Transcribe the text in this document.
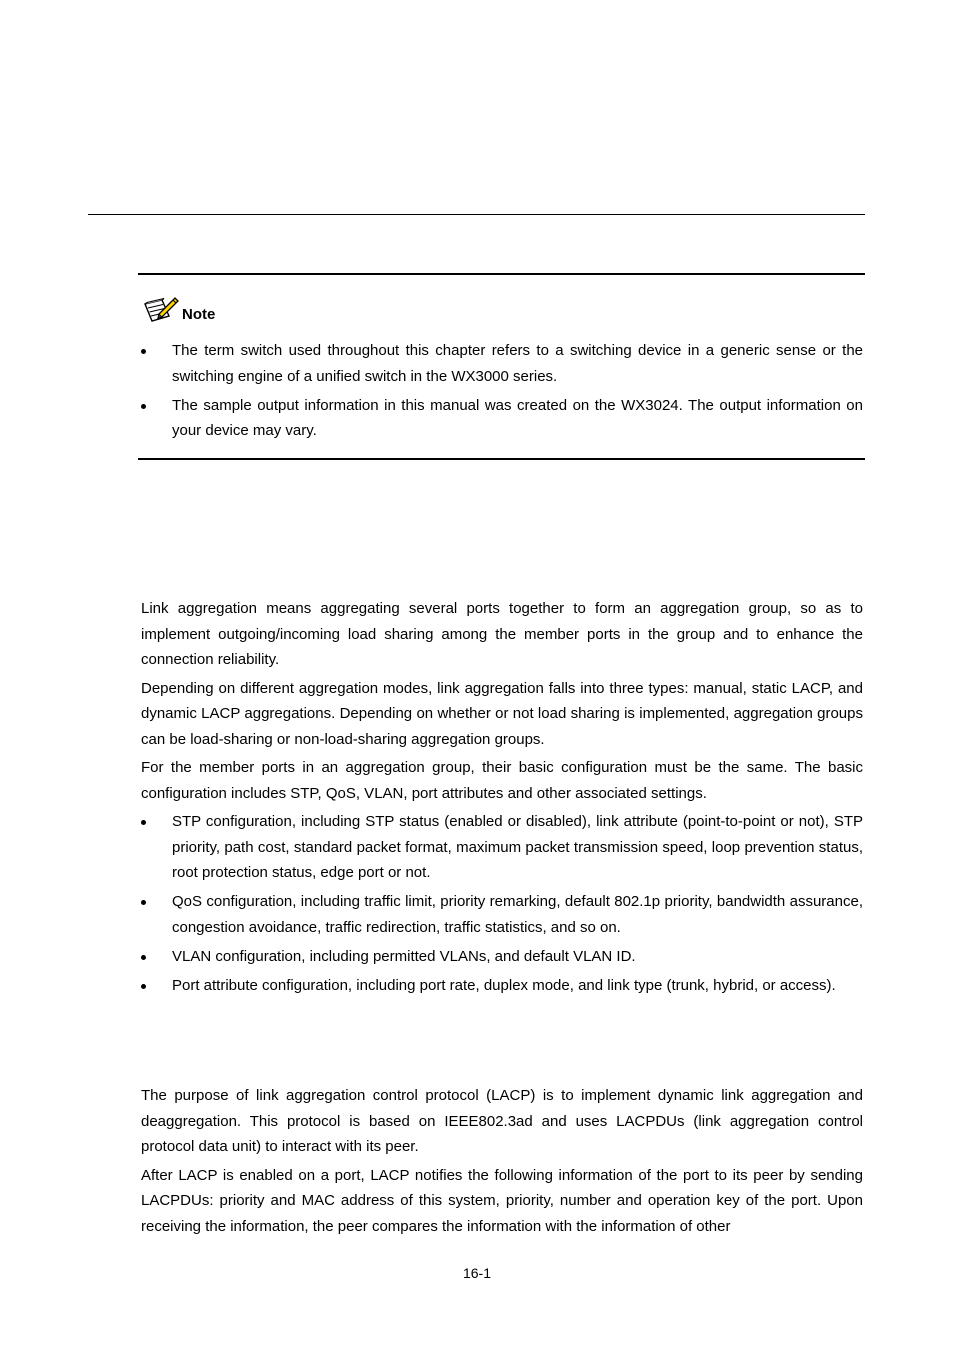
Note
The term switch used throughout this chapter refers to a switching device in a generic sense or the switching engine of a unified switch in the WX3000 series.
The sample output information in this manual was created on the WX3024. The output information on your device may vary.

Link aggregation means aggregating several ports together to form an aggregation group, so as to implement outgoing/incoming load sharing among the member ports in the group and to enhance the connection reliability.

Depending on different aggregation modes, link aggregation falls into three types: manual, static LACP, and dynamic LACP aggregations. Depending on whether or not load sharing is implemented, aggregation groups can be load-sharing or non-load-sharing aggregation groups.

For the member ports in an aggregation group, their basic configuration must be the same. The basic configuration includes STP, QoS, VLAN, port attributes and other associated settings.

STP configuration, including STP status (enabled or disabled), link attribute (point-to-point or not), STP priority, path cost, standard packet format, maximum packet transmission speed, loop prevention status, root protection status, edge port or not.
QoS configuration, including traffic limit, priority remarking, default 802.1p priority, bandwidth assurance, congestion avoidance, traffic redirection, traffic statistics, and so on.
VLAN configuration, including permitted VLANs, and default VLAN ID.
Port attribute configuration, including port rate, duplex mode, and link type (trunk, hybrid, or access).

The purpose of link aggregation control protocol (LACP) is to implement dynamic link aggregation and deaggregation. This protocol is based on IEEE802.3ad and uses LACPDUs (link aggregation control protocol data unit) to interact with its peer.

After LACP is enabled on a port, LACP notifies the following information of the port to its peer by sending LACPDUs: priority and MAC address of this system, priority, number and operation key of the port. Upon receiving the information, the peer compares the information with the information of other

16-1
